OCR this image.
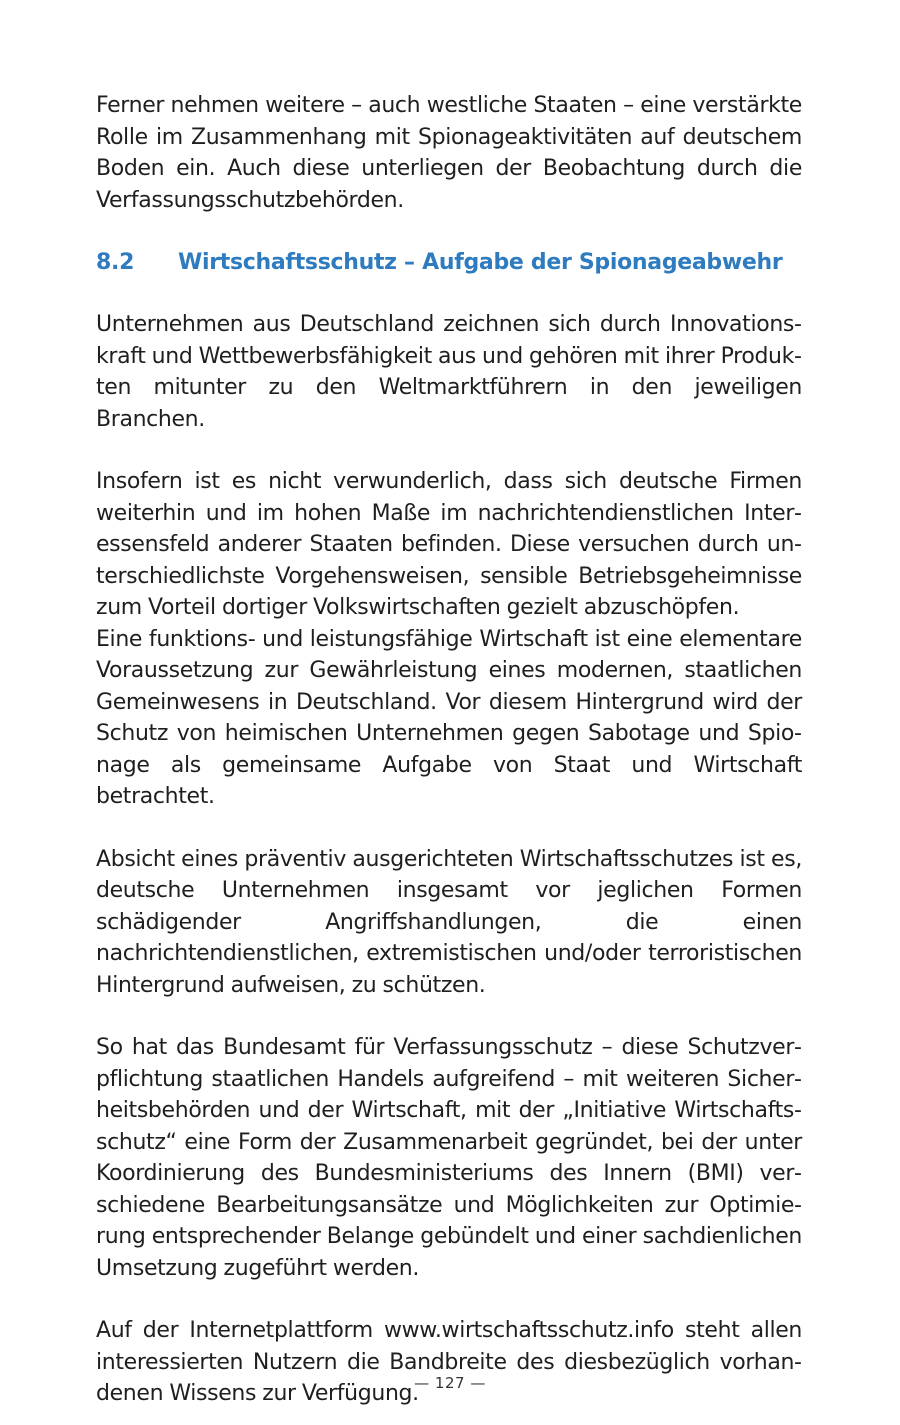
Ferner nehmen weitere – auch westliche Staaten – eine verstärkte Rolle im Zusammenhang mit Spionageaktivitäten auf deutschem Boden ein. Auch diese unterliegen der Beobachtung durch die Verfassungsschutzbehörden.

8.2	Wirtschaftsschutz – Aufgabe der Spionageabwehr

Unternehmen aus Deutschland zeichnen sich durch Innovationskraft und Wettbewerbsfähigkeit aus und gehören mit ihrer Produkten mitunter zu den Weltmarktführern in den jeweiligen Branchen.

Insofern ist es nicht verwunderlich, dass sich deutsche Firmen weiterhin und im hohen Maße im nachrichtendienstlichen Interessensfeld anderer Staaten befinden. Diese versuchen durch unterschiedlichste Vorgehensweisen, sensible Betriebsgeheimnisse zum Vorteil dortiger Volkswirtschaften gezielt abzuschöpfen.

Eine funktions- und leistungsfähige Wirtschaft ist eine elementare Voraussetzung zur Gewährleistung eines modernen, staatlichen Gemeinwesens in Deutschland. Vor diesem Hintergrund wird der Schutz von heimischen Unternehmen gegen Sabotage und Spionage als gemeinsame Aufgabe von Staat und Wirtschaft betrachtet.

Absicht eines präventiv ausgerichteten Wirtschaftsschutzes ist es, deutsche Unternehmen insgesamt vor jeglichen Formen schädigender Angriffshandlungen, die einen nachrichtendienstlichen, extremistischen und/oder terroristischen Hintergrund aufweisen, zu schützen.

So hat das Bundesamt für Verfassungsschutz – diese Schutzverpflichtung staatlichen Handels aufgreifend – mit weiteren Sicherheitsbehörden und der Wirtschaft, mit der „Initiative Wirtschaftsschutz“ eine Form der Zusammenarbeit gegründet, bei der unter Koordinierung des Bundesministeriums des Innern (BMI) verschiedene Bearbeitungsansätze und Möglichkeiten zur Optimierung entsprechender Belange gebündelt und einer sachdienlichen Umsetzung zugeführt werden.

Auf der Internetplattform www.wirtschaftsschutz.info steht allen interessierten Nutzern die Bandbreite des diesbezüglich vorhandenen Wissens zur Verfügung.

— 127 —
